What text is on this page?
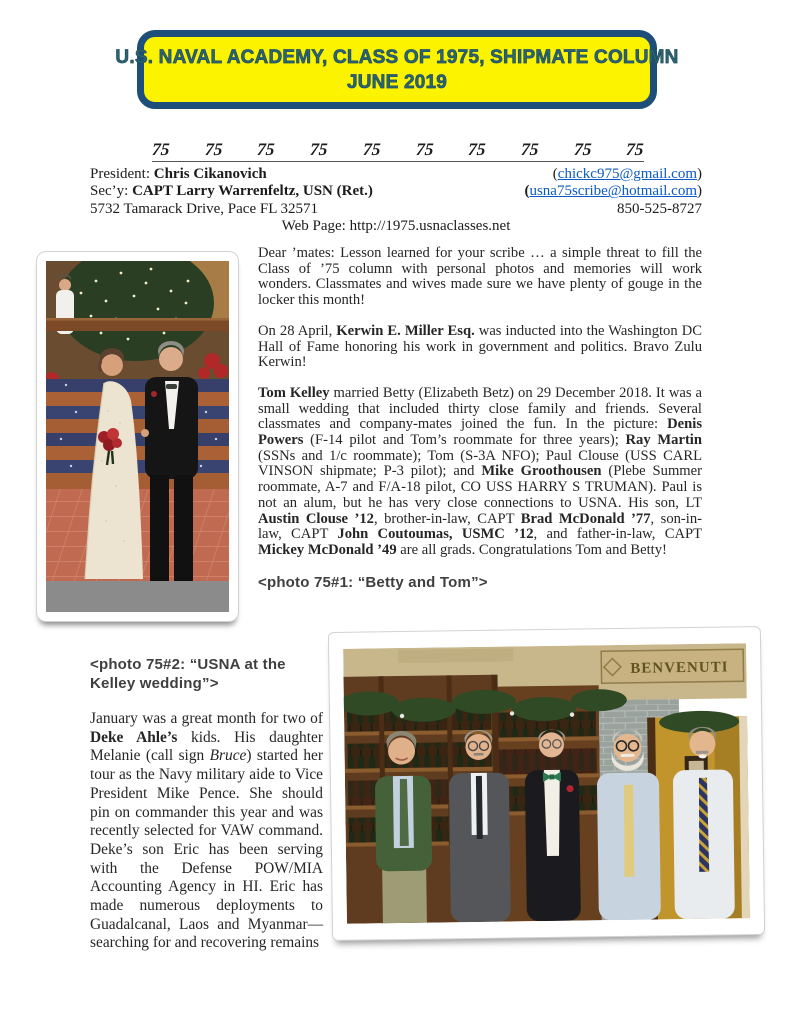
U.S. NAVAL ACADEMY, CLASS OF 1975, SHIPMATE COLUMN
JUNE 2019
75 75 75 75 75 75 75 75 75 75
President: Chris Cikanovich	(chickc975@gmail.com)
Sec’y: CAPT Larry Warrenfeltz, USN (Ret.)	(usna75scribe@hotmail.com)
5732 Tamarack Drive, Pace FL 32571	850-525-8727
Web Page: http://1975.usnaclasses.net

Dear ’mates: Lesson learned for your scribe … a simple threat to fill the Class of ’75 column with personal photos and memories will work wonders. Classmates and wives made sure we have plenty of gouge in the locker this month!

On 28 April, Kerwin E. Miller Esq. was inducted into the Washington DC Hall of Fame honoring his work in government and politics. Bravo Zulu Kerwin!

Tom Kelley married Betty (Elizabeth Betz) on 29 December 2018. It was a small wedding that included thirty close family and friends. Several classmates and company-mates joined the fun. In the picture: Denis Powers (F-14 pilot and Tom’s roommate for three years); Ray Martin (SSNs and 1/c roommate); Tom (S-3A NFO); Paul Clouse (USS CARL VINSON shipmate; P-3 pilot); and Mike Groothousen (Plebe Summer roommate, A-7 and F/A-18 pilot, CO USS HARRY S TRUMAN). Paul is not an alum, but he has very close connections to USNA. His son, LT Austin Clouse ’12, brother-in-law, CAPT Brad McDonald ’77, son-in-law, CAPT John Coutoumas, USMC ’12, and father-in-law, CAPT Mickey McDonald ’49 are all grads. Congratulations Tom and Betty!

<photo 75#1: “Betty and Tom”>
<photo 75#2: “USNA at the Kelley wedding”>

January was a great month for two of Deke Ahle’s kids. His daughter Melanie (call sign Bruce) started her tour as the Navy military aide to Vice President Mike Pence. She should pin on commander this year and was recently selected for VAW command. Deke’s son Eric has been serving with the Defense POW/MIA Accounting Agency in HI. Eric has made numerous deployments to Guadalcanal, Laos and Myanmar—searching for and recovering remains

BENVENUTI
